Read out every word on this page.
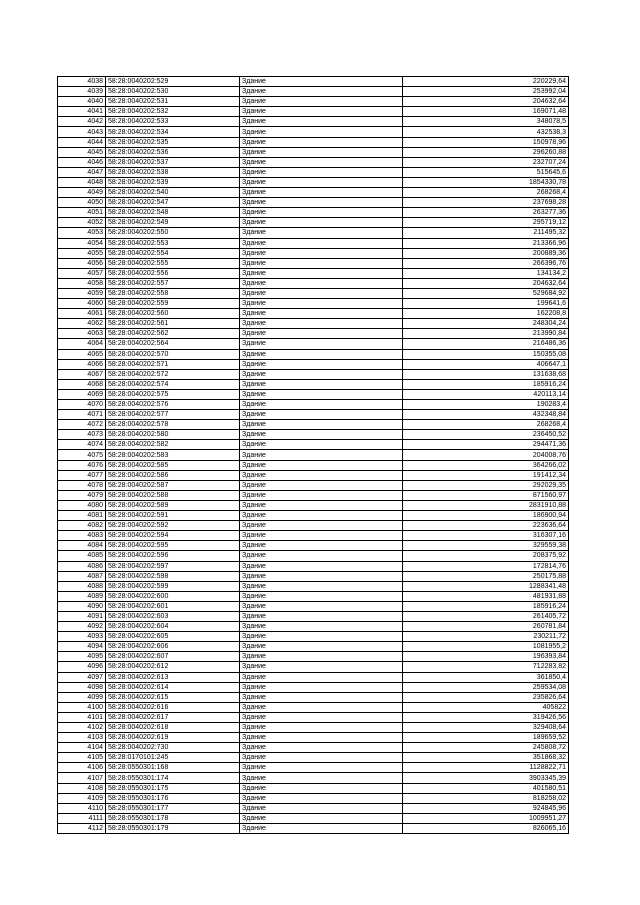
4038	58:28:0040202:529	Здание	220229,64
4039	58:28:0040202:530	Здание	253992,04
4040	58:28:0040202:531	Здание	204632,64
4041	58:28:0040202:532	Здание	169071,48
4042	58:28:0040202:533	Здание	348078,5
4043	58:28:0040202:534	Здание	432538,3
4044	58:28:0040202:535	Здание	150978,96
4045	58:28:0040202:536	Здание	296260,88
4046	58:28:0040202:537	Здание	232707,24
4047	58:28:0040202:538	Здание	515645,6
4048	58:28:0040202:539	Здание	1854330,78
4049	58:28:0040202:540	Здание	268268,4
4050	58:28:0040202:547	Здание	237698,28
4051	58:28:0040202:548	Здание	263277,36
4052	58:28:0040202:549	Здание	295719,12
4053	58:28:0040202:550	Здание	211495,32
4054	58:28:0040202:553	Здание	213366,96
4055	58:28:0040202:554	Здание	200889,36
4056	58:28:0040202:555	Здание	266396,76
4057	58:28:0040202:556	Здание	134134,2
4058	58:28:0040202:557	Здание	204632,64
4059	58:28:0040202:558	Здание	529684,92
4060	58:28:0040202:559	Здание	199641,6
4061	58:28:0040202:560	Здание	162208,8
4062	58:28:0040202:561	Здание	248304,24
4063	58:28:0040202:562	Здание	213990,84
4064	58:28:0040202:564	Здание	216486,36
4065	58:28:0040202:570	Здание	150355,08
4066	58:28:0040202:571	Здание	406647,1
4067	58:28:0040202:572	Здание	131638,68
4068	58:28:0040202:574	Здание	185916,24
4069	58:28:0040202:575	Здание	420113,14
4070	58:28:0040202:576	Здание	190283,4
4071	58:28:0040202:577	Здание	432348,84
4072	58:28:0040202:578	Здание	268268,4
4073	58:28:0040202:580	Здание	236450,52
4074	58:28:0040202:582	Здание	294471,36
4075	58:28:0040202:583	Здание	204008,76
4076	58:28:0040202:585	Здание	364266,02
4077	58:28:0040202:586	Здание	191412,34
4078	58:28:0040202:587	Здание	292029,35
4079	58:28:0040202:588	Здание	871560,97
4080	58:28:0040202:589	Здание	2831910,88
4081	58:28:0040202:591	Здание	186900,94
4082	58:28:0040202:592	Здание	223636,64
4083	58:28:0040202:594	Здание	316307,16
4084	58:28:0040202:595	Здание	329559,38
4085	58:28:0040202:596	Здание	208375,92
4086	58:28:0040202:597	Здание	172814,76
4087	58:28:0040202:598	Здание	250175,88
4088	58:28:0040202:599	Здание	1288341,48
4089	58:28:0040202:600	Здание	481931,88
4090	58:28:0040202:601	Здание	185916,24
4091	58:28:0040202:603	Здание	261405,72
4092	58:28:0040202:604	Здание	260781,84
4093	58:28:0040202:605	Здание	230211,72
4094	58:28:0040202:606	Здание	1081955,2
4095	58:28:0040202:607	Здание	196393,84
4096	58:28:0040202:612	Здание	712283,82
4097	58:28:0040202:613	Здание	361850,4
4098	58:28:0040202:614	Здание	259534,08
4099	58:28:0040202:615	Здание	235826,64
4100	58:28:0040202:616	Здание	405822
4101	58:28:0040202:617	Здание	319426,56
4102	58:28:0040202:618	Здание	329408,64
4103	58:28:0040202:619	Здание	189659,52
4104	58:28:0040202:730	Здание	245808,72
4105	58:28:0170101:245	Здание	351868,32
4106	58:28:0550301:168	Здание	1128822,71
4107	58:28:0550301:174	Здание	3903345,39
4108	58:28:0550301:175	Здание	401580,51
4109	58:28:0550301:176	Здание	818258,02
4110	58:28:0550301:177	Здание	924845,96
4111	58:28:0550301:178	Здание	1009951,27
4112	58:28:0550301:179	Здание	826065,16
